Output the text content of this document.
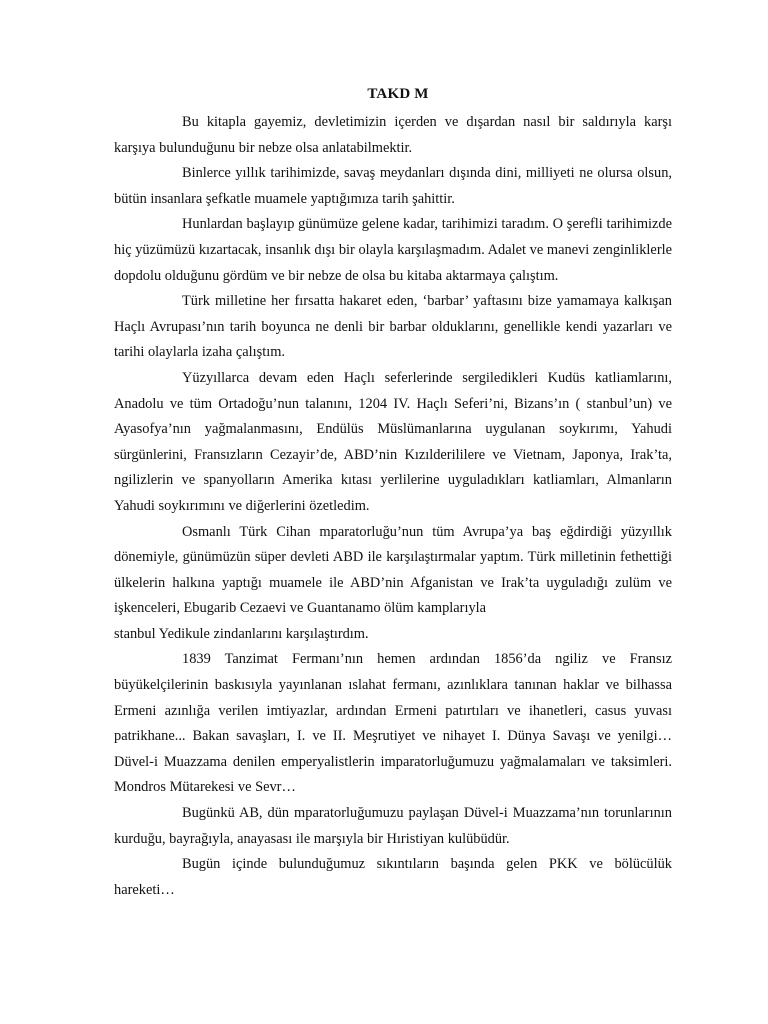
TAKD M

Bu kitapla gayemiz, devletimizin içerden ve dışardan nasıl bir saldırıyla karşı karşıya bulunduğunu bir nebze olsa anlatabilmektir.

Binlerce yıllık tarihimizde, savaş meydanları dışında dini, milliyeti ne olursa olsun, bütün insanlara şefkatle muamele yaptığımıza tarih şahittir.

Hunlardan başlayıp günümüze gelene kadar, tarihimizi taradım. O şerefli tarihimizde hiç yüzümüzü kızartacak, insanlık dışı bir olayla karşılaşmadım. Adalet ve manevi zenginliklerle dopdolu olduğunu gördüm ve bir nebze de olsa bu kitaba aktarmaya çalıştım.

Türk milletine her fırsatta hakaret eden, ‘barbar’ yaftasını bize yamamaya kalkışan Haçlı Avrupası’nın tarih boyunca ne denli bir barbar olduklarını, genellikle kendi yazarları ve tarihi olaylarla izaha çalıştım.

Yüzyıllarca devam eden Haçlı seferlerinde sergiledikleri Kudüs katliamlarını, Anadolu ve tüm Ortadoğu’nun talanını, 1204 IV. Haçlı Seferi’ni, Bizans’ın ( stanbul’un) ve Ayasofya’nın yağmalanmasını, Endülüs Müslümanlarına uygulanan soykırımı, Yahudi sürgünlerini, Fransızların Cezayir’de, ABD’nin Kızılderililere ve Vietnam, Japonya, Irak’ta, ngilizlerin ve spanyolların Amerika kıtası yerlilerine uyguladıkları katliamları, Almanların Yahudi soykırımını ve diğerlerini özetledim.

Osmanlı Türk Cihan mparatorluğu’nun tüm Avrupa’ya baş eğdirdiği yüzyıllık dönemiyle, günümüzün süper devleti ABD ile karşılaştırmalar yaptım. Türk milletinin fethettiği ülkelerin halkına yaptığı muamele ile ABD’nin Afganistan ve Irak’ta uyguladığı zulüm ve işkenceleri, Ebugarib Cezaevi ve Guantanamo ölüm kamplarıyla

stanbul Yedikule zindanlarını karşılaştırdım.

1839 Tanzimat Fermanı’nın hemen ardından 1856’da ngiliz ve Fransız büyükelçilerinin baskısıyla yayınlanan ıslahat fermanı, azınlıklara tanınan haklar ve bilhassa Ermeni azınlığa verilen imtiyazlar, ardından Ermeni patırtıları ve ihanetleri, casus yuvası patrikhane... Bakan savaşları, I. ve II. Meşrutiyet ve nihayet I. Dünya Savaşı ve yenilgi… Düvel-i Muazzama denilen emperyalistlerin imparatorluğumuzu yağmalamaları ve taksimleri. Mondros Mütarekesi ve Sevr…

Bugünkü AB, dün mparatorluğumuzu paylaşan Düvel-i Muazzama’nın torunlarının kurduğu, bayrağıyla, anayasası ile marşıyla bir Hıristiyan kulübüdür.

Bugün içinde bulunduğumuz sıkıntıların başında gelen PKK ve bölücülük hareketi…
